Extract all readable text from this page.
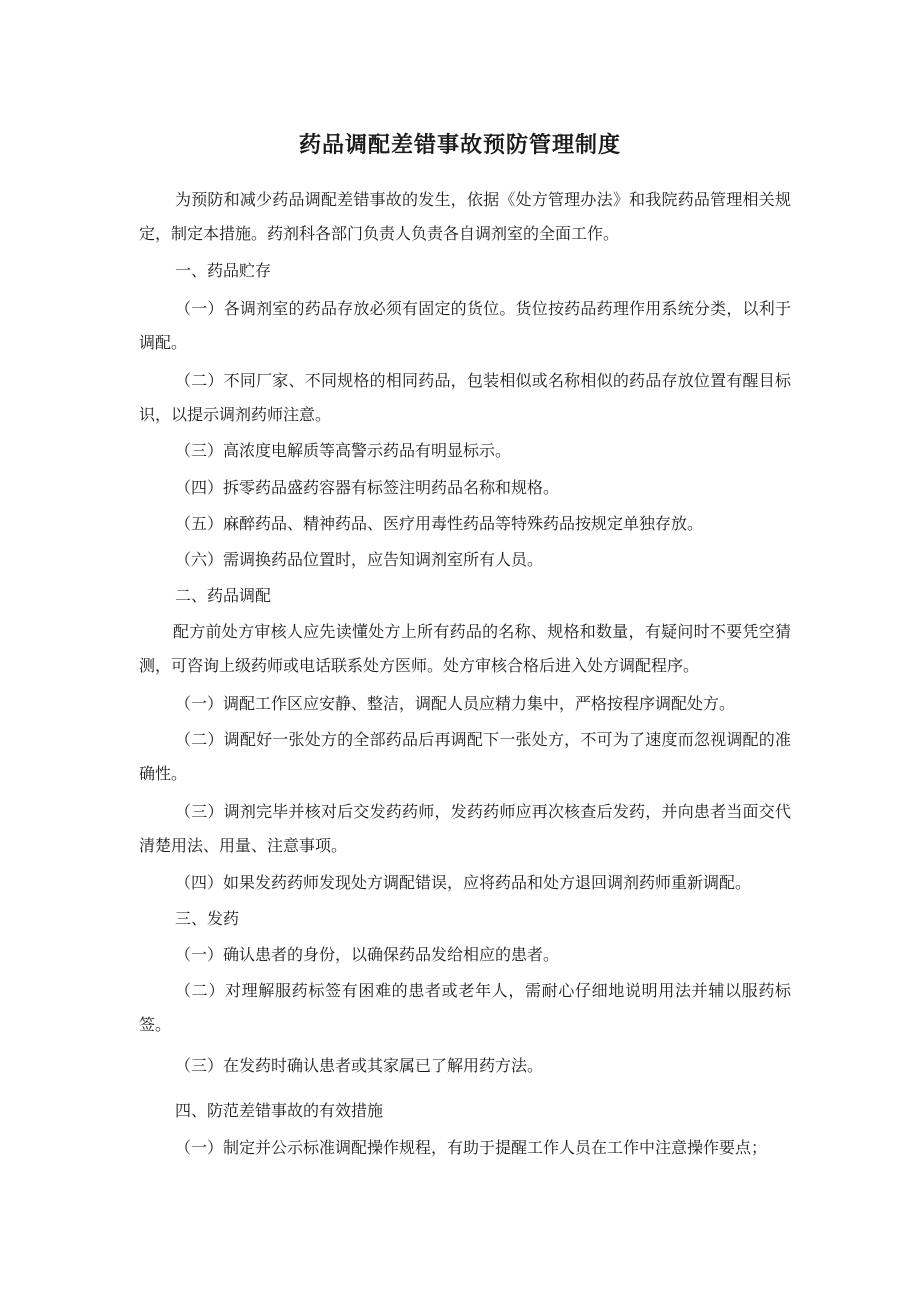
药品调配差错事故预防管理制度

为预防和减少药品调配差错事故的发生，依据《处方管理办法》和我院药品管理相关规定，制定本措施。药剂科各部门负责人负责各自调剂室的全面工作。

一、药品贮存

（一）各调剂室的药品存放必须有固定的货位。货位按药品药理作用系统分类，以利于调配。

（二）不同厂家、不同规格的相同药品，包装相似或名称相似的药品存放位置有醒目标识，以提示调剂药师注意。

（三）高浓度电解质等高警示药品有明显标示。

（四）拆零药品盛药容器有标签注明药品名称和规格。

（五）麻醉药品、精神药品、医疗用毒性药品等特殊药品按规定单独存放。

（六）需调换药品位置时，应告知调剂室所有人员。

二、药品调配

配方前处方审核人应先读懂处方上所有药品的名称、规格和数量，有疑问时不要凭空猜测，可咨询上级药师或电话联系处方医师。处方审核合格后进入处方调配程序。

（一）调配工作区应安静、整洁，调配人员应精力集中，严格按程序调配处方。

（二）调配好一张处方的全部药品后再调配下一张处方，不可为了速度而忽视调配的准确性。

（三）调剂完毕并核对后交发药药师，发药药师应再次核查后发药，并向患者当面交代清楚用法、用量、注意事项。

（四）如果发药药师发现处方调配错误，应将药品和处方退回调剂药师重新调配。

三、发药

（一）确认患者的身份，以确保药品发给相应的患者。

（二）对理解服药标签有困难的患者或老年人，需耐心仔细地说明用法并辅以服药标签。

（三）在发药时确认患者或其家属已了解用药方法。

四、防范差错事故的有效措施

（一）制定并公示标准调配操作规程，有助于提醒工作人员在工作中注意操作要点；
